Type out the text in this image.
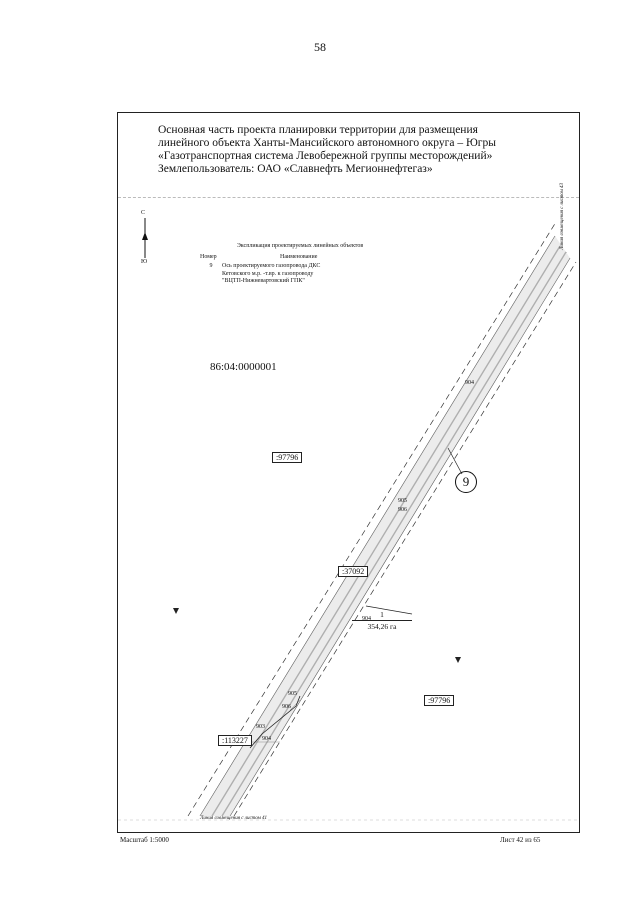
58
Основная часть проекта планировки территории для размещения
линейного объекта Ханты-Мансийского автономного округа – Югры
«Газотранспортная система Левобережной группы месторождений»
Землепользователь: ОАО «Славнефть Мегионнефтегаз»
С
Ю
Экспликация проектируемых линейных объектов
Номер	Наименование
9	Ось проектируемого газопровода ДКС
Кетовского м.р. -т.вр. к газопроводу
"ВЦТП-Нижневартовский ГПК"
86:04:0000001
:97796
:37092
:113227
:97796
9
1
354,26 га
904
905
906
904
905
906
903
904
Линия совмещения с листом 43
Линия совмещения с листом 41
Масштаб 1:5000	Лист 42 из 65
